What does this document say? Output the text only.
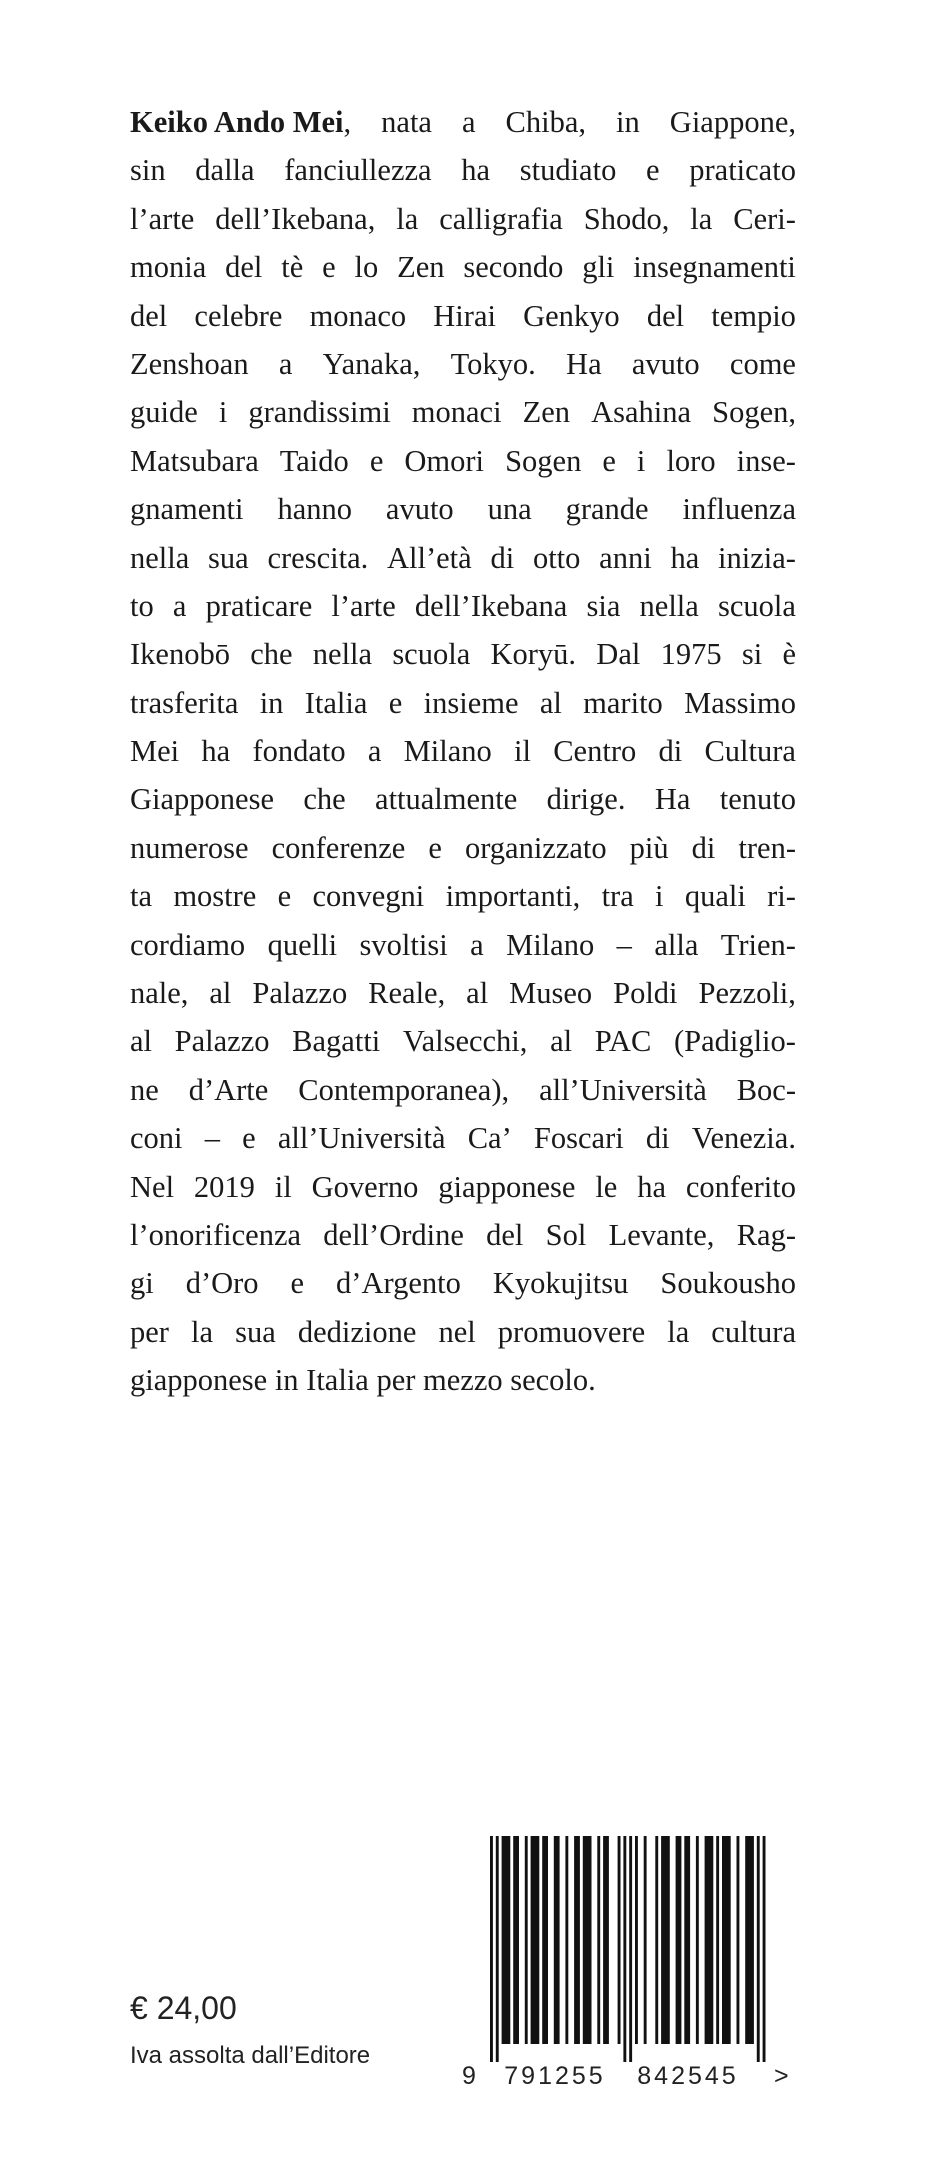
Keiko Ando Mei , nata a Chiba, in Giappone,
sin dalla fanciullezza ha studiato e praticato
l’arte dell’Ikebana, la calligrafia Shodo, la Ceri-
monia del tè e lo Zen secondo gli insegnamenti
del celebre monaco Hirai Genkyo del tempio
Zenshoan a Yanaka, Tokyo. Ha avuto come
guide i grandissimi monaci Zen Asahina Sogen,
Matsubara Taido e Omori Sogen e i loro inse-
gnamenti hanno avuto una grande influenza
nella sua crescita. All’età di otto anni ha inizia-
to a praticare l’arte dell’Ikebana sia nella scuola
Ikenobō che nella scuola Koryū. Dal 1975 si è
trasferita in Italia e insieme al marito Massimo
Mei ha fondato a Milano il Centro di Cultura
Giapponese che attualmente dirige. Ha tenuto
numerose conferenze e organizzato più di tren-
ta mostre e convegni importanti, tra i quali ri-
cordiamo quelli svoltisi a Milano – alla Trien-
nale, al Palazzo Reale, al Museo Poldi Pezzoli,
al Palazzo Bagatti Valsecchi, al PAC (Padiglio-
ne d’Arte Contemporanea), all’Università Boc-
coni – e all’Università Ca’ Foscari di Venezia.
Nel 2019 il Governo giapponese le ha conferito
l’onorificenza dell’Ordine del Sol Levante, Rag-
gi d’Oro e d’Argento Kyokujitsu Soukousho
per la sua dedizione nel promuovere la cultura
giapponese in Italia per mezzo secolo.
€ 24,00
Iva assolta dall’Editore
9 791255 842545 >
